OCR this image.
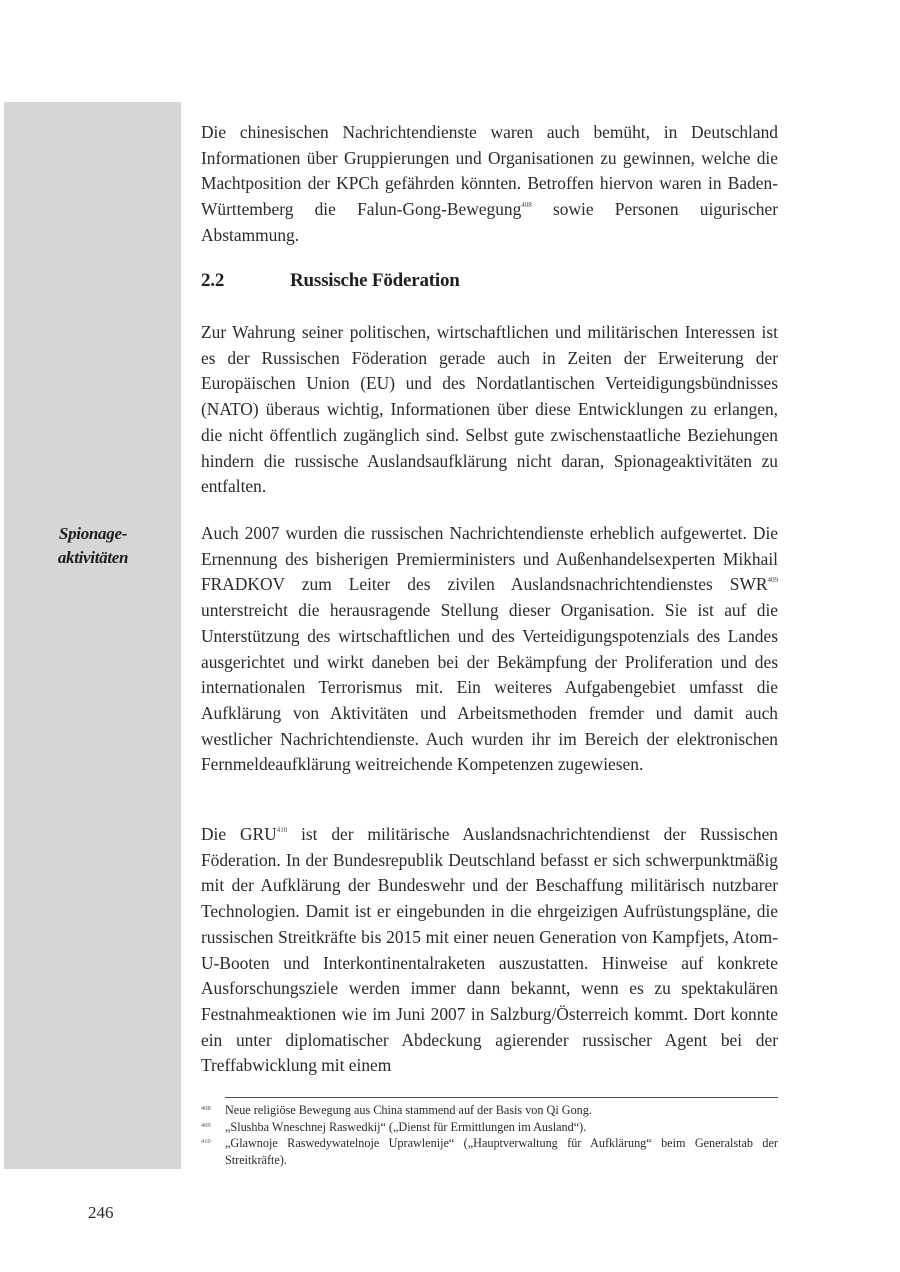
Spionage-
aktivitäten

Die chinesischen Nachrichtendienste waren auch bemüht, in Deutschland Informationen über Gruppierungen und Organisationen zu gewinnen, welche die Machtposition der KPCh gefährden könnten. Betroffen hiervon waren in Baden-Württemberg die Falun-Gong-Bewegung$^{408}$ sowie Personen uigurischer Abstammung.

2.2	Russische Föderation

Zur Wahrung seiner politischen, wirtschaftlichen und militärischen Interessen ist es der Russischen Föderation gerade auch in Zeiten der Erweiterung der Europäischen Union (EU) und des Nordatlantischen Verteidigungsbündnisses (NATO) überaus wichtig, Informationen über diese Entwicklungen zu erlangen, die nicht öffentlich zugänglich sind. Selbst gute zwischenstaatliche Beziehungen hindern die russische Auslandsaufklärung nicht daran, Spionageaktivitäten zu entfalten.

Auch 2007 wurden die russischen Nachrichtendienste erheblich aufgewertet. Die Ernennung des bisherigen Premierministers und Außenhandelsexperten Mikhail FRADKOV zum Leiter des zivilen Auslandsnachrichtendienstes SWR$^{409}$ unterstreicht die herausragende Stellung dieser Organisation. Sie ist auf die Unterstützung des wirtschaftlichen und des Verteidigungspotenzials des Landes ausgerichtet und wirkt daneben bei der Bekämpfung der Proliferation und des internationalen Terrorismus mit. Ein weiteres Aufgabengebiet umfasst die Aufklärung von Aktivitäten und Arbeitsmethoden fremder und damit auch westlicher Nachrichtendienste. Auch wurden ihr im Bereich der elektronischen Fernmeldeaufklärung weitreichende Kompetenzen zugewiesen.

Die GRU$^{410}$ ist der militärische Auslandsnachrichtendienst der Russischen Föderation. In der Bundesrepublik Deutschland befasst er sich schwerpunktmäßig mit der Aufklärung der Bundeswehr und der Beschaffung militärisch nutzbarer Technologien. Damit ist er eingebunden in die ehrgeizigen Aufrüstungspläne, die russischen Streitkräfte bis 2015 mit einer neuen Generation von Kampfjets, Atom-U-Booten und Interkontinentalraketen auszustatten. Hinweise auf konkrete Ausforschungsziele werden immer dann bekannt, wenn es zu spektakulären Festnahmeaktionen wie im Juni 2007 in Salzburg/Österreich kommt. Dort konnte ein unter diplomatischer Abdeckung agierender russischer Agent bei der Treffabwicklung mit einem

408	Neue religiöse Bewegung aus China stammend auf der Basis von Qi Gong.
409	„Slushba Wneschnej Raswedkij“ („Dienst für Ermittlungen im Ausland“).
410	„Glawnoje Raswedywatelnoje Uprawlenije“ („Hauptverwaltung für Aufklärung“ beim Generalstab der Streitkräfte).
246
